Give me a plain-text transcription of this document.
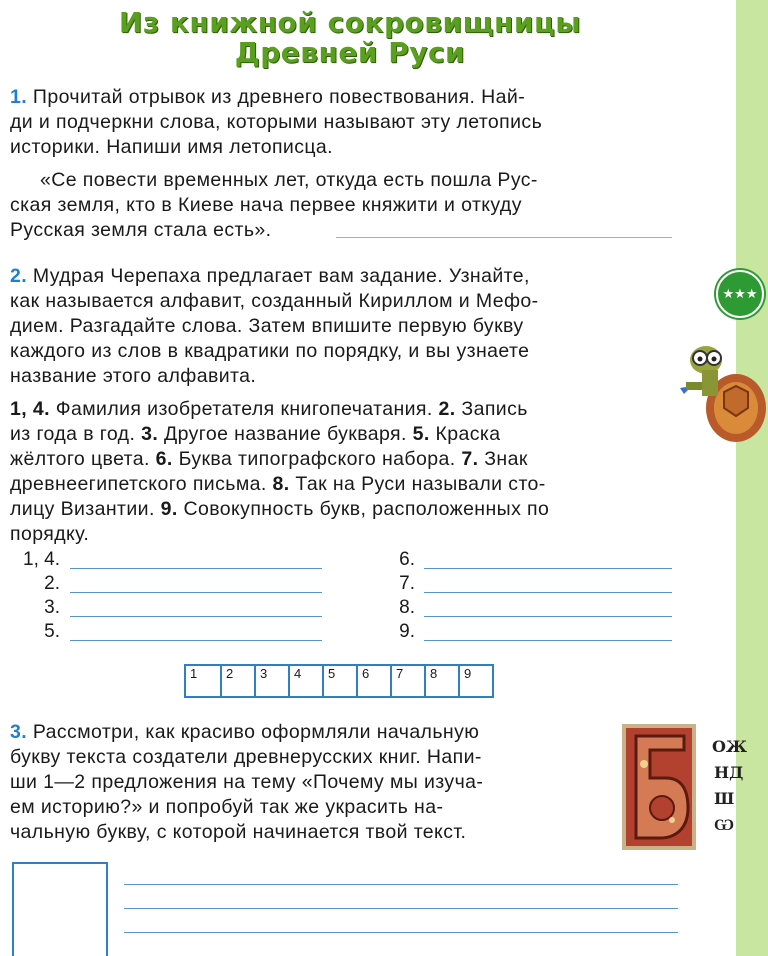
Из книжной сокровищницы
Древней Руси
1. Прочитай отрывок из древнего повествования. Най-
ди и подчеркни слова, которыми называют эту летопись
историки. Напиши имя летописца.
«Се повести временных лет, откуда есть пошла Рус-
ская земля, кто в Киеве нача первее княжити и откуду
Русская земля стала есть».
2. Мудрая Черепаха предлагает вам задание. Узнайте,
как называется алфавит, созданный Кириллом и Мефо-
дием. Разгадайте слова. Затем впишите первую букву
каждого из слов в квадратики по порядку, и вы узнаете
название этого алфавита.
1, 4. Фамилия изобретателя книгопечатания. 2. Запись
из года в год. 3. Другое название букваря. 5. Краска
жёлтого цвета. 6. Буква типографского набора. 7. Знак
древнеегипетского письма. 8. Так на Руси называли сто-
лицу Византии. 9. Совокупность букв, расположенных по
порядку.
1, 4.
2.
3.
5.
6.
7.
8.
9.
1	2	3	4	5	6	7	8	9
★★★
3. Рассмотри, как красиво оформляли начальную
букву текста создатели древнерусских книг. Напи-
ши 1—2 предложения на тему «Почему мы изуча-
ем историю?» и попробуй так же украсить на-
чальную букву, с которой начинается твой текст.
ОЖ
НД
Ш
Ѡ
